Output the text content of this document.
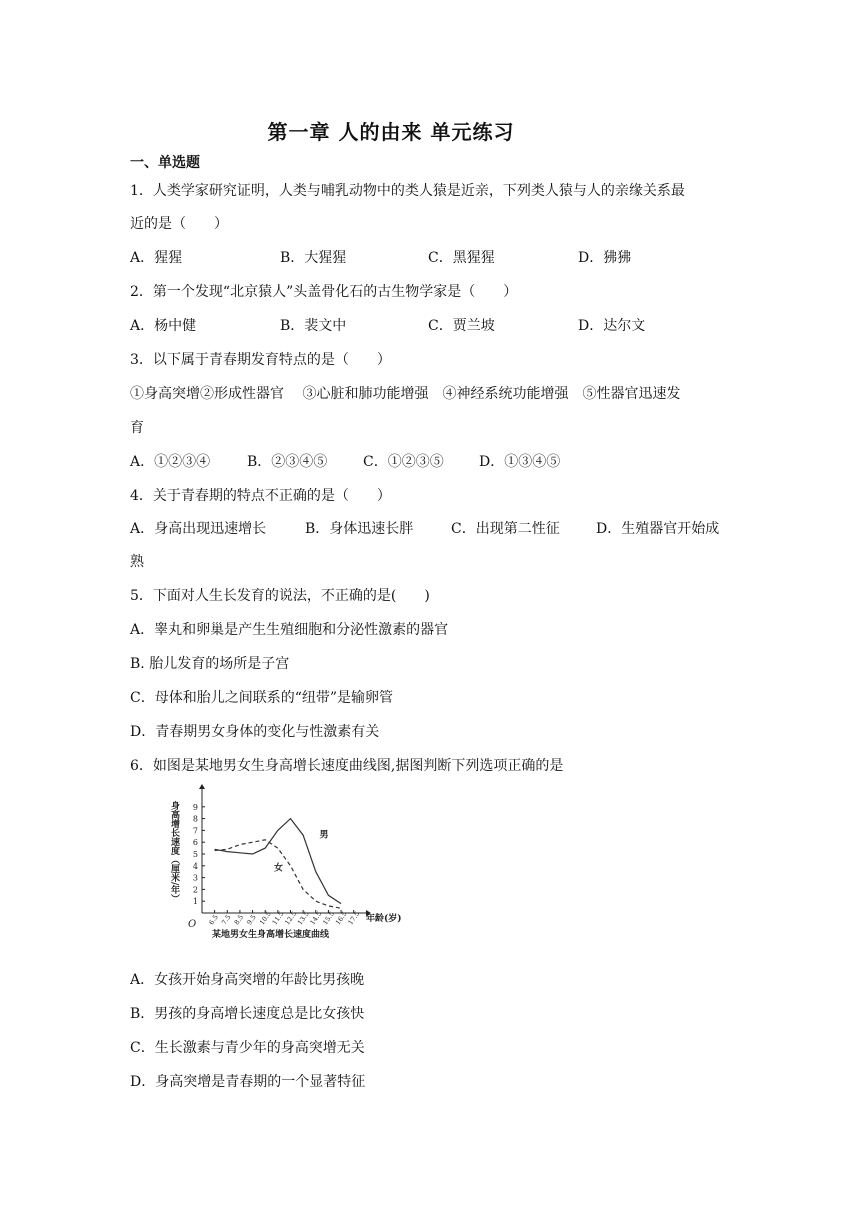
第一章 人的由来 单元练习
一、单选题
1．人类学家研究证明，人类与哺乳动物中的类人猿是近亲，下列类人猿与人的亲缘关系最
近的是（　　）
A．猩猩	B．大猩猩	C．黑猩猩	D．狒狒
2．第一个发现“北京猿人”头盖骨化石的古生物学家是（　　）
A．杨中健	B．裴文中	C．贾兰坡	D．达尔文
3．以下属于青春期发育特点的是（　　）
①身高突增②形成性器官　 ③心脏和肺功能增强　④神经系统功能增强　⑤性器官迅速发
育
A．①②③④	B．②③④⑤	C．①②③⑤	D．①③④⑤
4．关于青春期的特点不正确的是（　　）
A．身高出现迅速增长	B．身体迅速长胖	C．出现第二性征	D．生殖器官开始成
熟
5．下面对人生长发育的说法，不正确的是(　　)
A．睾丸和卵巢是产生生殖细胞和分泌性激素的器官
B. 胎儿发育的场所是子宫
C．母体和胎儿之间联系的“纽带”是输卵管
D．青春期男女身体的变化与性激素有关
6．如图是某地男女生身高增长速度曲线图,据图判断下列选项正确的是
1
2
3
4
5
6
7
8
9
6.5 7.5 8.5 9.5 10.5
11.5
12.5
13.5
14.5
15.5
16.5
17.5
男
女
身高增长速度（厘米/年）
O	年龄(岁)
某地男女生身高增长速度曲线
A．女孩开始身高突增的年龄比男孩晚
B．男孩的身高增长速度总是比女孩快
C．生长激素与青少年的身高突增无关
D．身高突增是青春期的一个显著特征
